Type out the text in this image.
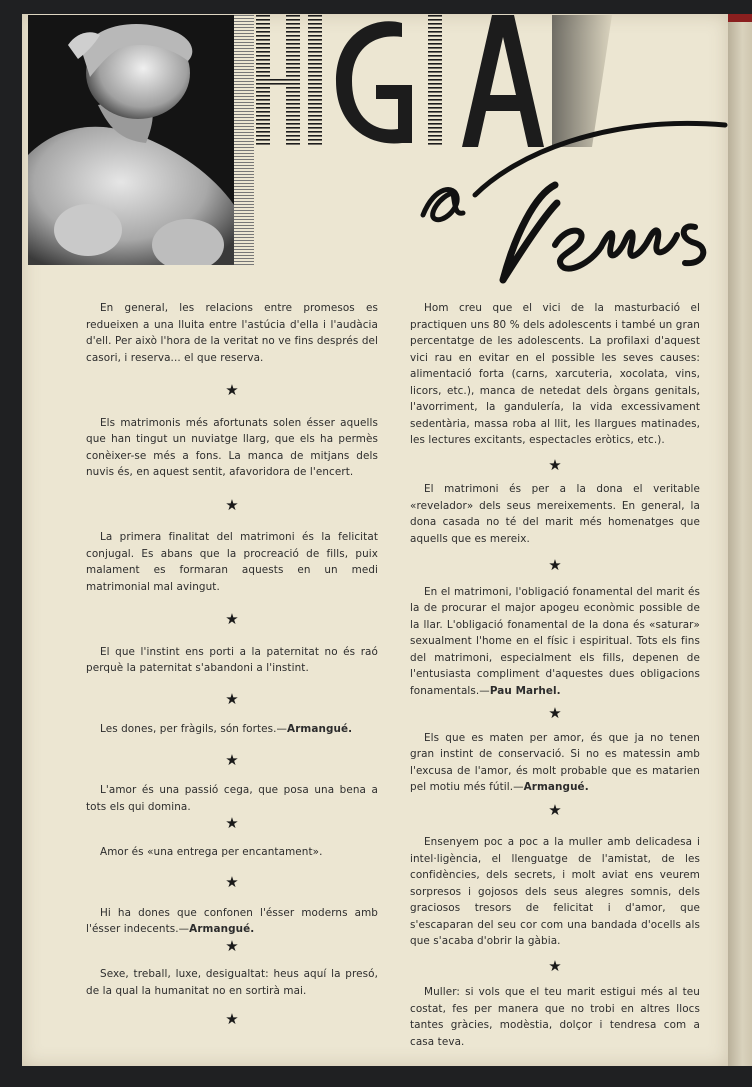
En general, les relacions entre promesos es redueixen a una lluita entre l'astúcia d'ella i l'audàcia d'ell. Per això l'hora de la veritat no ve fins després del casori, i reserva... el que reserva.

★

Els matrimonis més afortunats solen ésser aquells que han tingut un nuviatge llarg, que els ha permès conèixer-se més a fons. La manca de mitjans dels nuvis és, en aquest sentit, afavoridora de l'encert.

★

La primera finalitat del matrimoni és la felicitat conjugal. Es abans que la procreació de fills, puix malament es formaran aquests en un medi matrimonial mal avingut.

★

El que l'instint ens porti a la paternitat no és raó perquè la paternitat s'abandoni a l'instint.

★

Les dones, per fràgils, són fortes.—Armangué.

★

L'amor és una passió cega, que posa una bena a tots els qui domina.

★

Amor és «una entrega per encantament».

★

Hi ha dones que confonen l'ésser moderns amb l'ésser indecents.—Armangué.

★

Sexe, treball, luxe, desigualtat: heus aquí la presó, de la qual la humanitat no en sortirà mai.

★

Hom creu que el vici de la masturbació el practiquen uns 80 % dels adolescents i també un gran percentatge de les adolescents. La profilaxi d'aquest vici rau en evitar en el possible les seves causes: alimentació forta (carns, xarcuteria, xocolata, vins, licors, etc.), manca de netedat dels òrgans genitals, l'avorriment, la gandulería, la vida excessivament sedentària, massa roba al llit, les llargues matinades, les lectures excitants, espectacles eròtics, etc.).

★

El matrimoni és per a la dona el veritable «revelador» dels seus mereixements. En general, la dona casada no té del marit més homenatges que aquells que es mereix.

★

En el matrimoni, l'obligació fonamental del marit és la de procurar el major apogeu econòmic possible de la llar. L'obligació fonamental de la dona és «saturar» sexualment l'home en el físic i espiritual. Tots els fins del matrimoni, especialment els fills, depenen de l'entusiasta compliment d'aquestes dues obligacions fonamentals.—Pau Marhel.

★

Els que es maten per amor, és que ja no tenen gran instint de conservació. Si no es matessin amb l'excusa de l'amor, és molt probable que es matarien pel motiu més fútil.—Armangué.

★

Ensenyem poc a poc a la muller amb delicadesa i intel·ligència, el llenguatge de l'amistat, de les confidències, dels secrets, i molt aviat ens veurem sorpresos i gojosos dels seus alegres somnis, dels graciosos tresors de felicitat i d'amor, que s'escaparan del seu cor com una bandada d'ocells als que s'acaba d'obrir la gàbia.

★

Muller: si vols que el teu marit estigui més al teu costat, fes per manera que no trobi en altres llocs tantes gràcies, modèstia, dolçor i tendresa com a casa teva.
